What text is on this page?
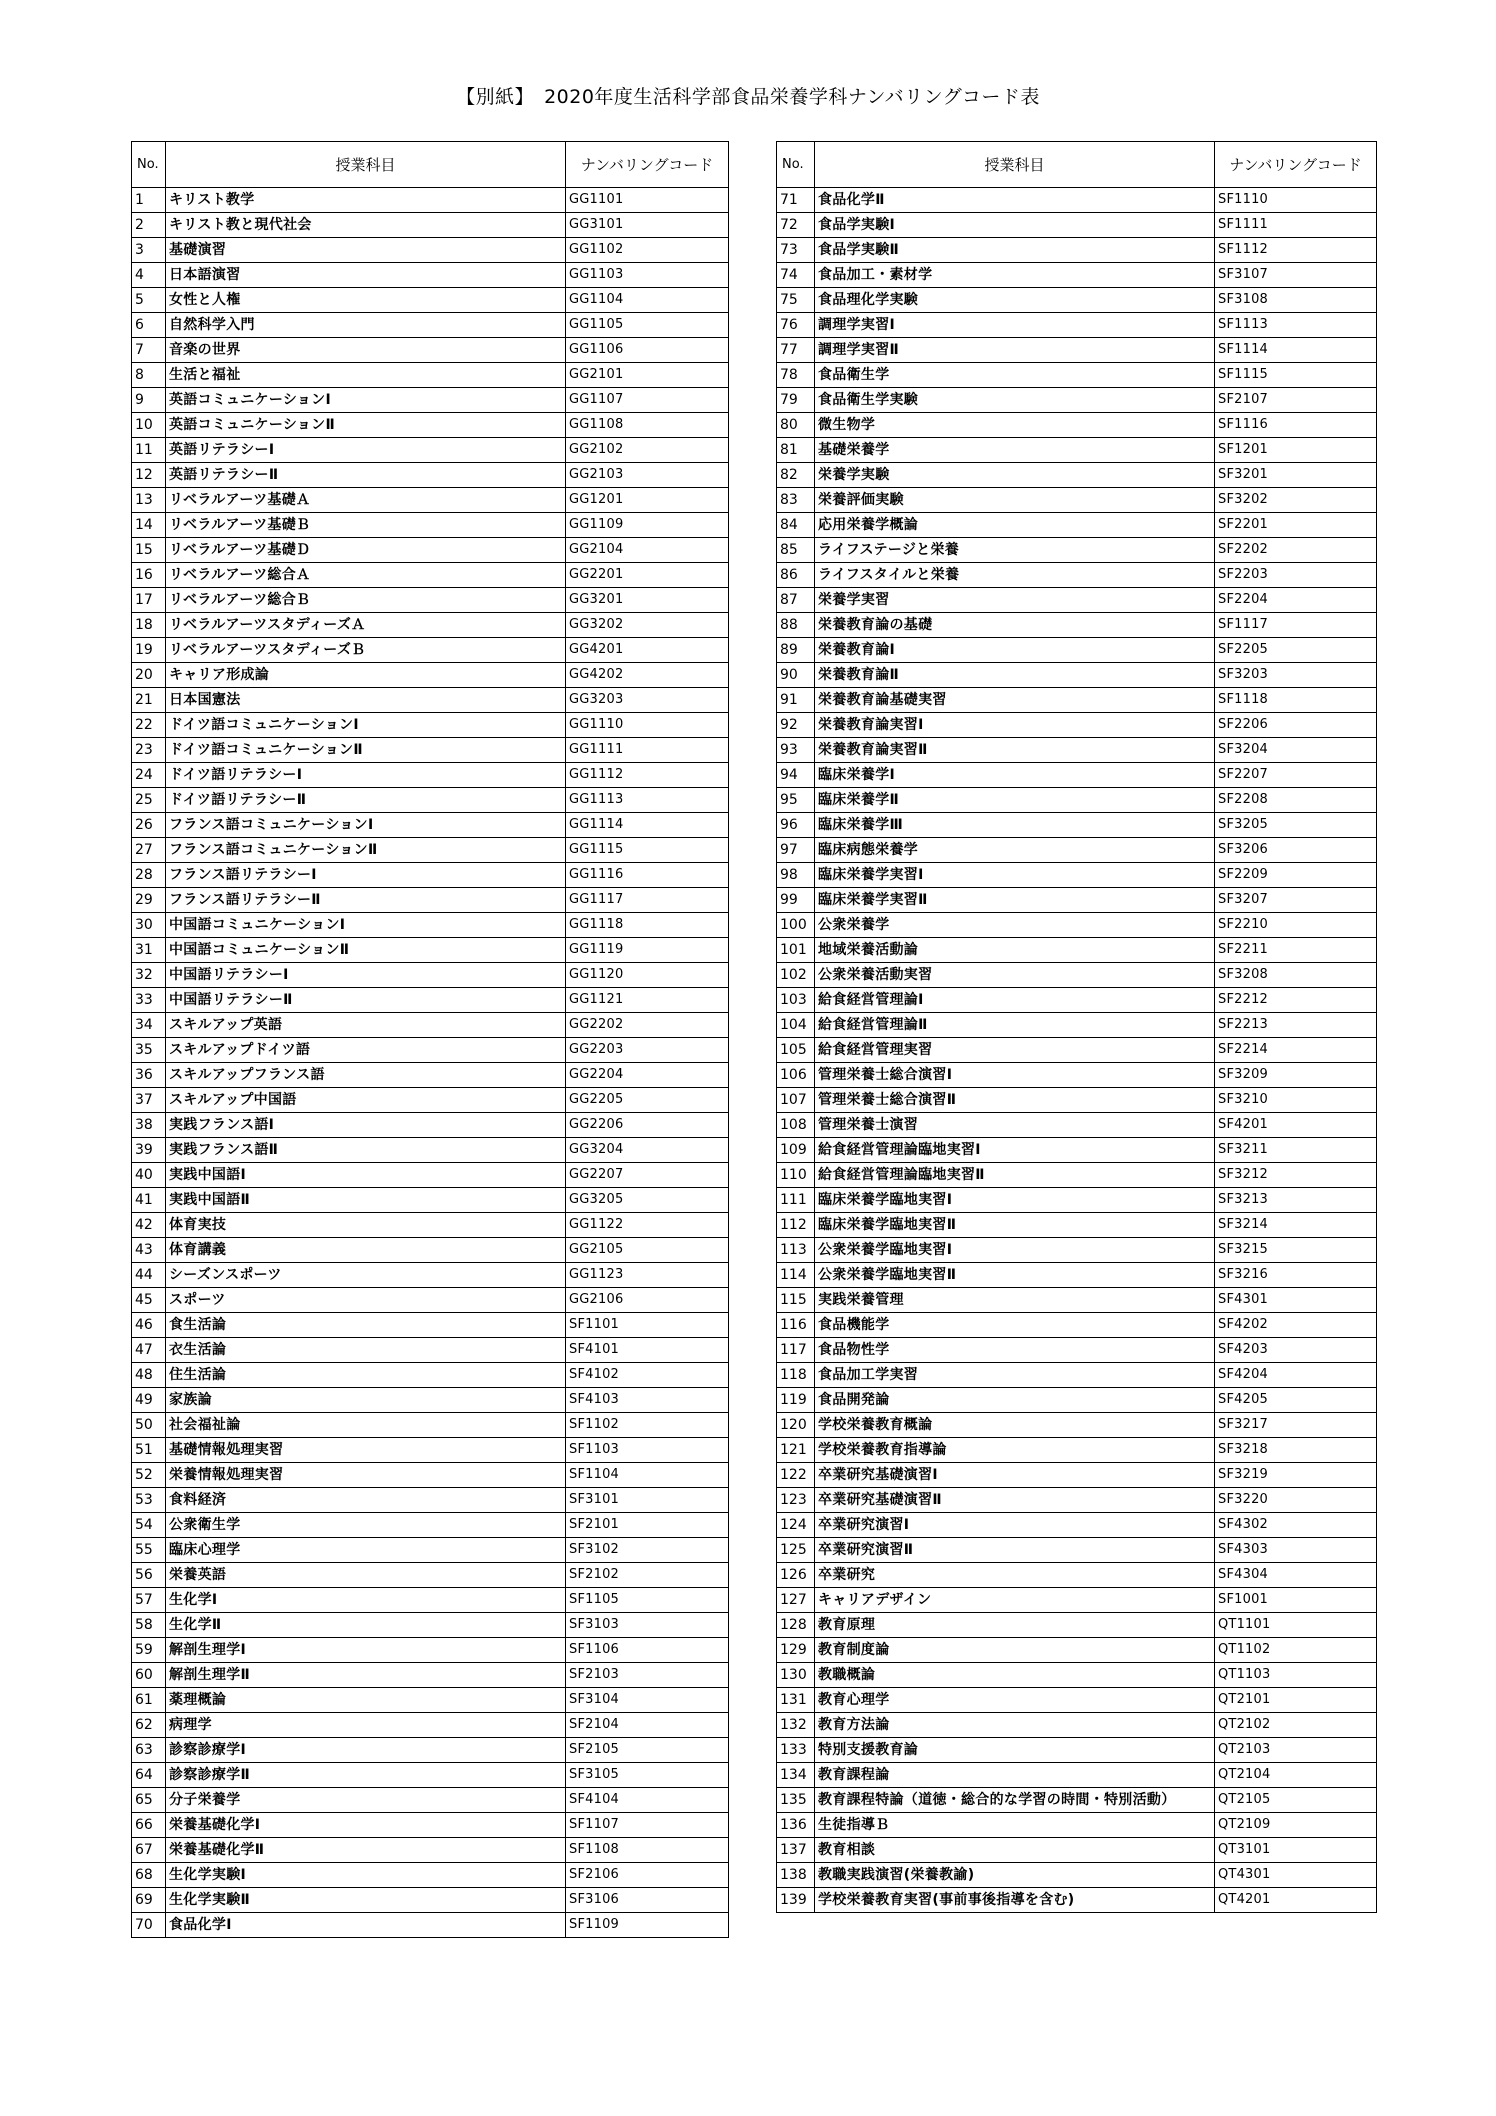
【別紙】　2020年度生活科学部食品栄養学科ナンバリングコード表
No.	授業科目	ナンバリングコード
1	キリスト教学	GG1101
2	キリスト教と現代社会	GG3101
3	基礎演習	GG1102
4	日本語演習	GG1103
5	女性と人権	GG1104
6	自然科学入門	GG1105
7	音楽の世界	GG1106
8	生活と福祉	GG2101
9	英語コミュニケーションⅠ	GG1107
10	英語コミュニケーションⅡ	GG1108
11	英語リテラシーⅠ	GG2102
12	英語リテラシーⅡ	GG2103
13	リベラルアーツ基礎Ａ	GG1201
14	リベラルアーツ基礎Ｂ	GG1109
15	リベラルアーツ基礎Ｄ	GG2104
16	リベラルアーツ総合Ａ	GG2201
17	リベラルアーツ総合Ｂ	GG3201
18	リベラルアーツスタディーズＡ	GG3202
19	リベラルアーツスタディーズＢ	GG4201
20	キャリア形成論	GG4202
21	日本国憲法	GG3203
22	ドイツ語コミュニケーションⅠ	GG1110
23	ドイツ語コミュニケーションⅡ	GG1111
24	ドイツ語リテラシーⅠ	GG1112
25	ドイツ語リテラシーⅡ	GG1113
26	フランス語コミュニケーションⅠ	GG1114
27	フランス語コミュニケーションⅡ	GG1115
28	フランス語リテラシーⅠ	GG1116
29	フランス語リテラシーⅡ	GG1117
30	中国語コミュニケーションⅠ	GG1118
31	中国語コミュニケーションⅡ	GG1119
32	中国語リテラシーⅠ	GG1120
33	中国語リテラシーⅡ	GG1121
34	スキルアップ英語	GG2202
35	スキルアップドイツ語	GG2203
36	スキルアップフランス語	GG2204
37	スキルアップ中国語	GG2205
38	実践フランス語Ⅰ	GG2206
39	実践フランス語Ⅱ	GG3204
40	実践中国語Ⅰ	GG2207
41	実践中国語Ⅱ	GG3205
42	体育実技	GG1122
43	体育講義	GG2105
44	シーズンスポーツ	GG1123
45	スポーツ	GG2106
46	食生活論	SF1101
47	衣生活論	SF4101
48	住生活論	SF4102
49	家族論	SF4103
50	社会福祉論	SF1102
51	基礎情報処理実習	SF1103
52	栄養情報処理実習	SF1104
53	食料経済	SF3101
54	公衆衛生学	SF2101
55	臨床心理学	SF3102
56	栄養英語	SF2102
57	生化学Ⅰ	SF1105
58	生化学Ⅱ	SF3103
59	解剖生理学Ⅰ	SF1106
60	解剖生理学Ⅱ	SF2103
61	薬理概論	SF3104
62	病理学	SF2104
63	診察診療学Ⅰ	SF2105
64	診察診療学Ⅱ	SF3105
65	分子栄養学	SF4104
66	栄養基礎化学Ⅰ	SF1107
67	栄養基礎化学Ⅱ	SF1108
68	生化学実験Ⅰ	SF2106
69	生化学実験Ⅱ	SF3106
70	食品化学Ⅰ	SF1109
No.	授業科目	ナンバリングコード
71	食品化学Ⅱ	SF1110
72	食品学実験Ⅰ	SF1111
73	食品学実験Ⅱ	SF1112
74	食品加工・素材学	SF3107
75	食品理化学実験	SF3108
76	調理学実習Ⅰ	SF1113
77	調理学実習Ⅱ	SF1114
78	食品衛生学	SF1115
79	食品衛生学実験	SF2107
80	微生物学	SF1116
81	基礎栄養学	SF1201
82	栄養学実験	SF3201
83	栄養評価実験	SF3202
84	応用栄養学概論	SF2201
85	ライフステージと栄養	SF2202
86	ライフスタイルと栄養	SF2203
87	栄養学実習	SF2204
88	栄養教育論の基礎	SF1117
89	栄養教育論Ⅰ	SF2205
90	栄養教育論Ⅱ	SF3203
91	栄養教育論基礎実習	SF1118
92	栄養教育論実習Ⅰ	SF2206
93	栄養教育論実習Ⅱ	SF3204
94	臨床栄養学Ⅰ	SF2207
95	臨床栄養学Ⅱ	SF2208
96	臨床栄養学Ⅲ	SF3205
97	臨床病態栄養学	SF3206
98	臨床栄養学実習Ⅰ	SF2209
99	臨床栄養学実習Ⅱ	SF3207
100	公衆栄養学	SF2210
101	地域栄養活動論	SF2211
102	公衆栄養活動実習	SF3208
103	給食経営管理論Ⅰ	SF2212
104	給食経営管理論Ⅱ	SF2213
105	給食経営管理実習	SF2214
106	管理栄養士総合演習Ⅰ	SF3209
107	管理栄養士総合演習Ⅱ	SF3210
108	管理栄養士演習	SF4201
109	給食経営管理論臨地実習Ⅰ	SF3211
110	給食経営管理論臨地実習Ⅱ	SF3212
111	臨床栄養学臨地実習Ⅰ	SF3213
112	臨床栄養学臨地実習Ⅱ	SF3214
113	公衆栄養学臨地実習Ⅰ	SF3215
114	公衆栄養学臨地実習Ⅱ	SF3216
115	実践栄養管理	SF4301
116	食品機能学	SF4202
117	食品物性学	SF4203
118	食品加工学実習	SF4204
119	食品開発論	SF4205
120	学校栄養教育概論	SF3217
121	学校栄養教育指導論	SF3218
122	卒業研究基礎演習Ⅰ	SF3219
123	卒業研究基礎演習Ⅱ	SF3220
124	卒業研究演習Ⅰ	SF4302
125	卒業研究演習Ⅱ	SF4303
126	卒業研究	SF4304
127	キャリアデザイン	SF1001
128	教育原理	QT1101
129	教育制度論	QT1102
130	教職概論	QT1103
131	教育心理学	QT2101
132	教育方法論	QT2102
133	特別支援教育論	QT2103
134	教育課程論	QT2104
135	教育課程特論（道徳・総合的な学習の時間・特別活動）	QT2105
136	生徒指導Ｂ	QT2109
137	教育相談	QT3101
138	教職実践演習(栄養教諭)	QT4301
139	学校栄養教育実習(事前事後指導を含む)	QT4201
